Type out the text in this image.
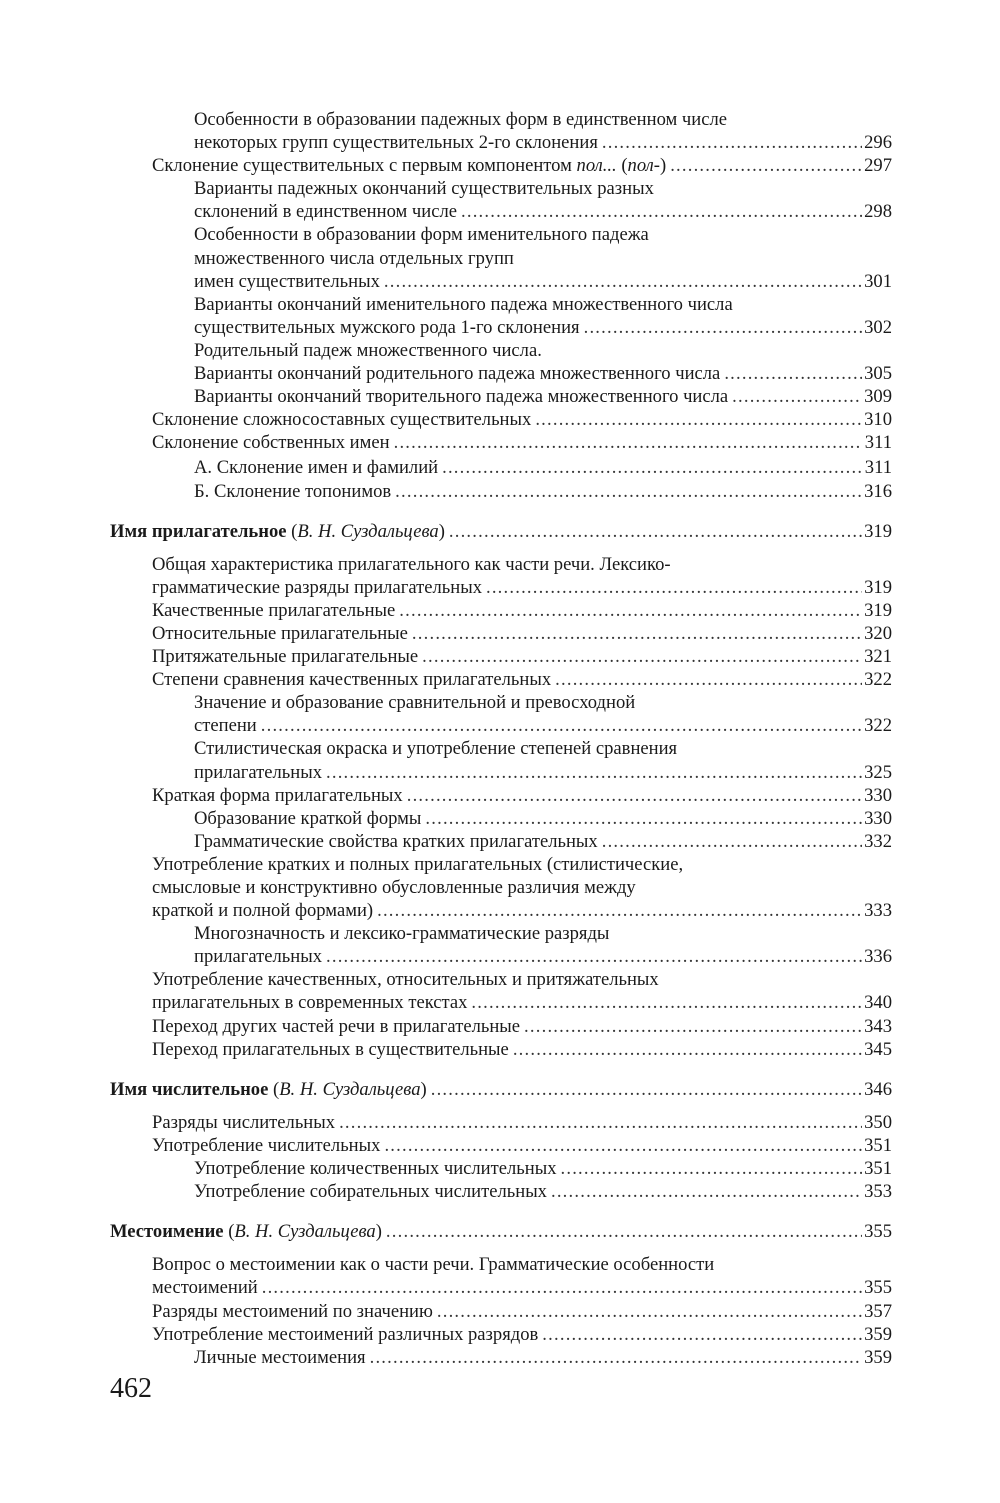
Особенности в образовании падежных форм в единственном числе
некоторых групп существительных 2-го склонения .....	296
Склонение существительных с первым компонентом пол... (пол-) .....	297
Варианты падежных окончаний существительных разных
склонений в единственном числе .....	298
Особенности в образовании форм именительного падежа
множественного числа отдельных групп
имен существительных .....	301
Варианты окончаний именительного падежа множественного числа
существительных мужского рода 1-го склонения .....	302
Родительный падеж множественного числа.
Варианты окончаний родительного падежа множественного числа .....	305
Варианты окончаний творительного падежа множественного числа .....	309
Склонение сложносоставных существительных .....	310
Склонение собственных имен .....	311
А. Склонение имен и фамилий .....	311
Б. Склонение топонимов .....	316
Имя прилагательное (В. Н. Суздальцева) .....	319
Общая характеристика прилагательного как части речи. Лексико-
грамматические разряды прилагательных .....	319
Качественные прилагательные .....	319
Относительные прилагательные .....	320
Притяжательные прилагательные .....	321
Степени сравнения качественных прилагательных .....	322
Значение и образование сравнительной и превосходной
степени .....	322
Стилистическая окраска и употребление степеней сравнения
прилагательных .....	325
Краткая форма прилагательных .....	330
Образование краткой формы .....	330
Грамматические свойства кратких прилагательных .....	332
Употребление кратких и полных прилагательных (стилистические,
смысловые и конструктивно обусловленные различия между
краткой и полной формами) .....	333
Многозначность и лексико-грамматические разряды
прилагательных .....	336
Употребление качественных, относительных и притяжательных
прилагательных в современных текстах .....	340
Переход других частей речи в прилагательные .....	343
Переход прилагательных в существительные .....	345
Имя числительное (В. Н. Суздальцева) .....	346
Разряды числительных .....	350
Употребление числительных .....	351
Употребление количественных числительных .....	351
Употребление собирательных числительных .....	353
Местоимение (В. Н. Суздальцева) .....	355
Вопрос о местоимении как о части речи. Грамматические особенности
местоимений .....	355
Разряды местоимений по значению .....	357
Употребление местоимений различных разрядов .....	359
Личные местоимения .....	359
462
